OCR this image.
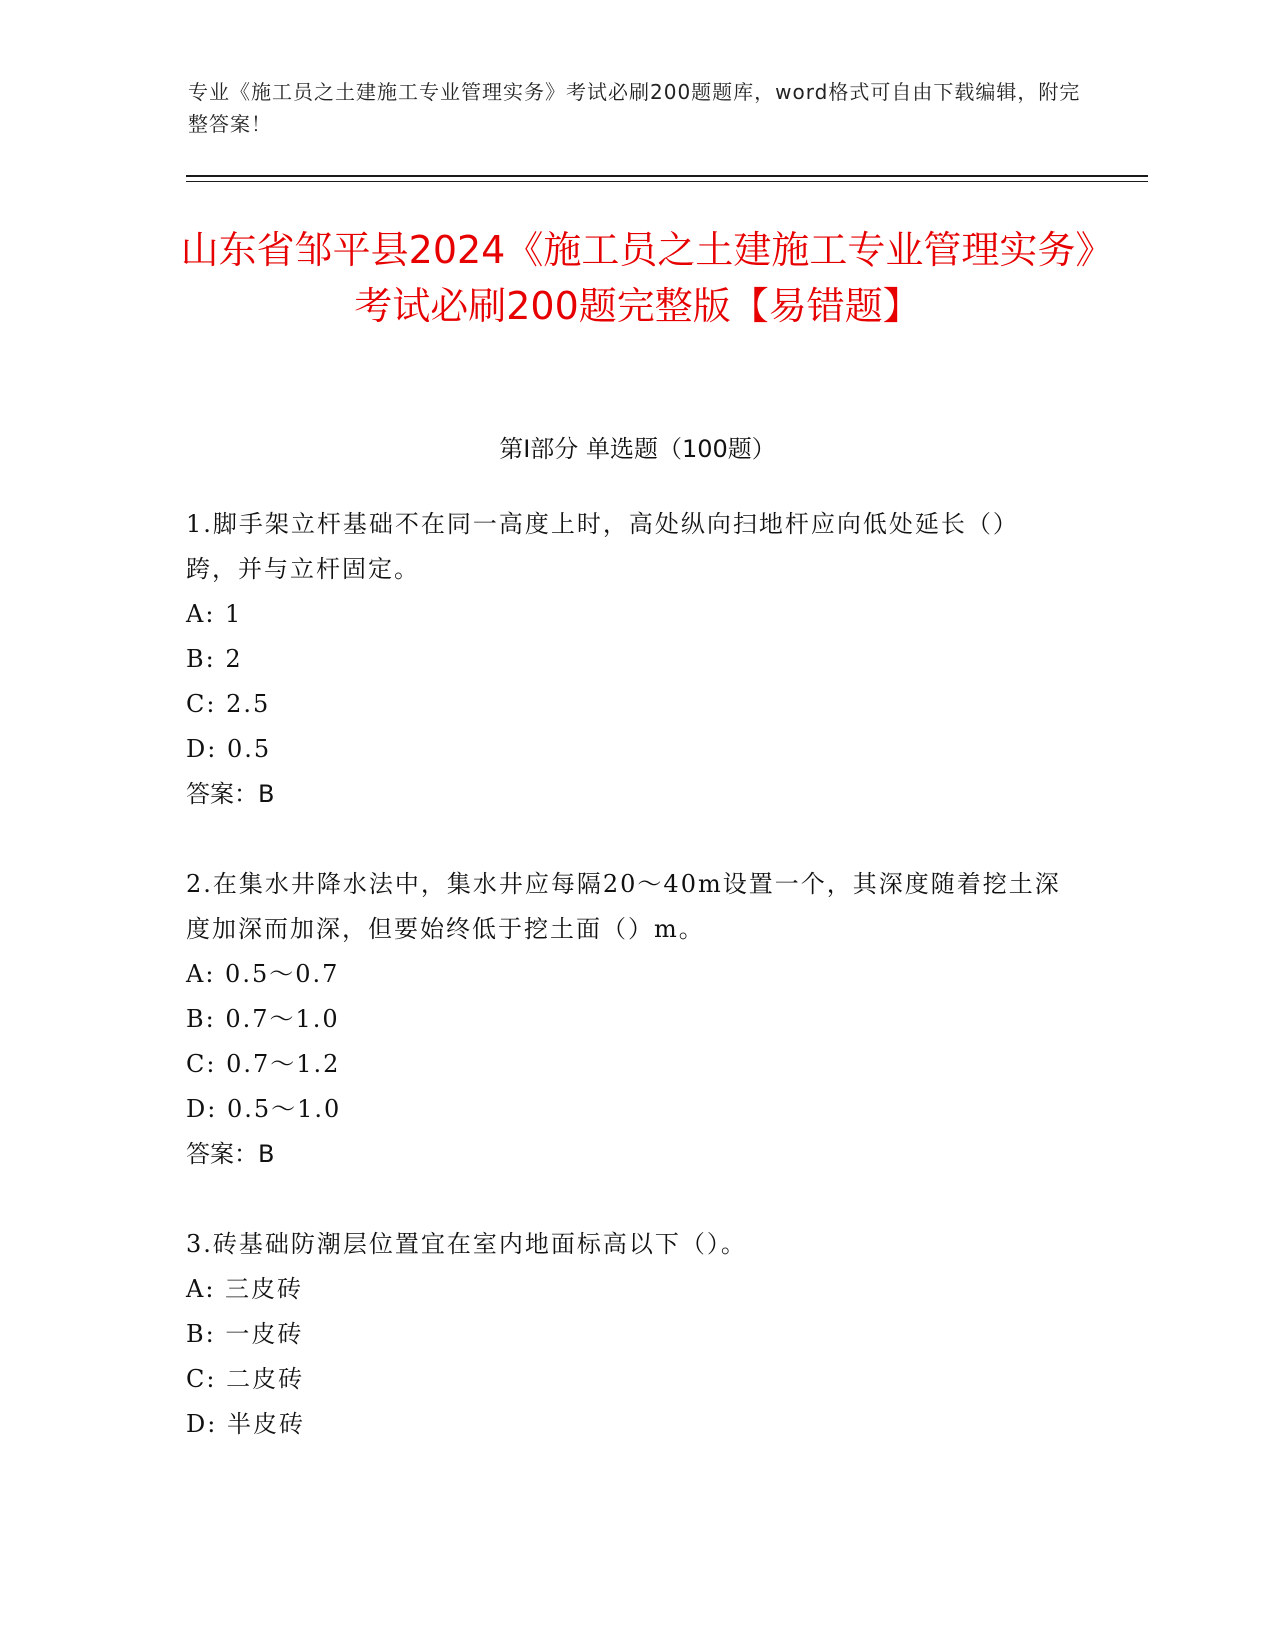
专业《施工员之土建施工专业管理实务》考试必刷200题题库，word格式可自由下载编辑，附完整答案！
山东省邹平县2024《施工员之土建施工专业管理实务》考试必刷200题完整版【易错题】
第I部分 单选题（100题）

1.脚手架立杆基础不在同一高度上时，高处纵向扫地杆应向低处延长（）跨，并与立杆固定。

A: 1

B: 2

C: 2.5

D: 0.5

答案：B

2.在集水井降水法中，集水井应每隔20～40m设置一个，其深度随着挖土深度加深而加深，但要始终低于挖土面（）m。

A: 0.5～0.7

B: 0.7～1.0

C: 0.7～1.2

D: 0.5～1.0

答案：B

3.砖基础防潮层位置宜在室内地面标高以下（）。

A: 三皮砖

B: 一皮砖

C: 二皮砖

D: 半皮砖
